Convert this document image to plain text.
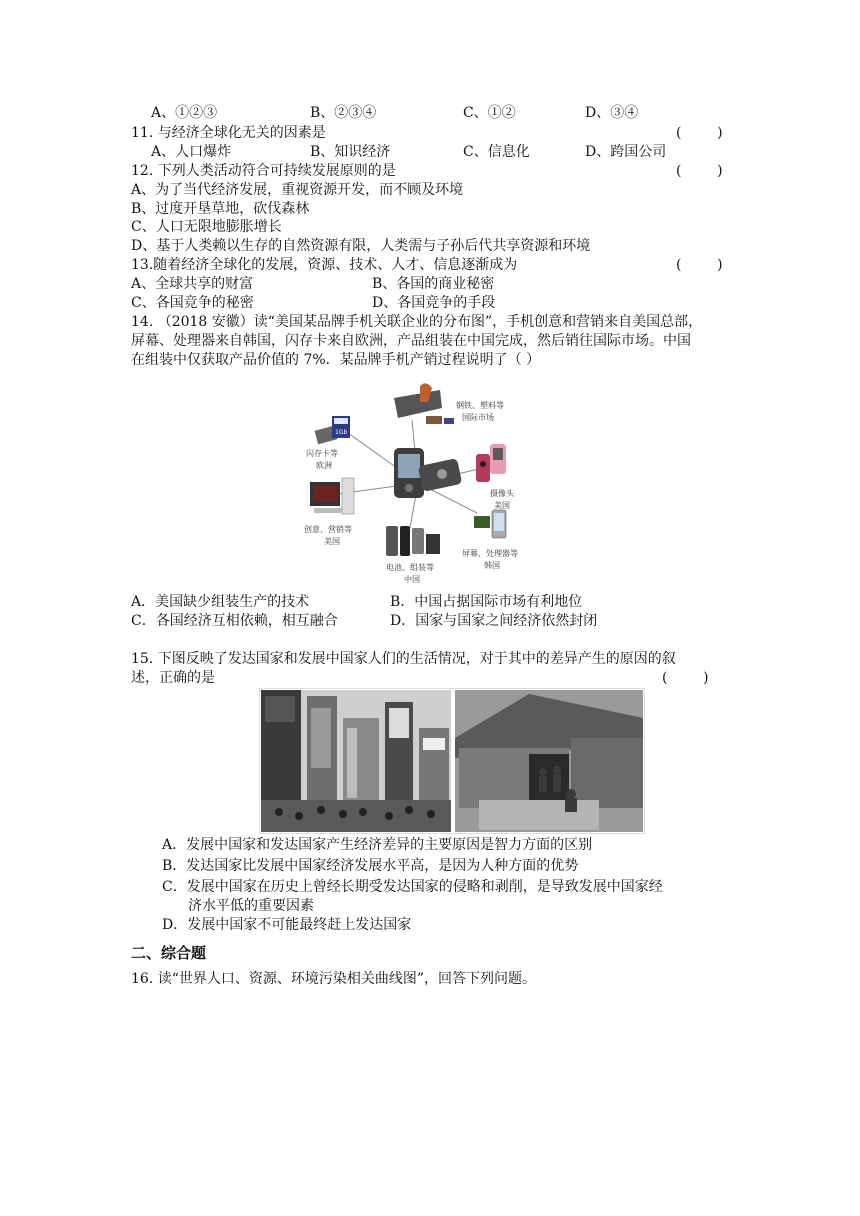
A、①②③	B、②③④	C、①②	D、③④
11. 与经济全球化无关的因素是	(        )
A、人口爆炸	B、知识经济	C、信息化	D、跨国公司
12. 下列人类活动符合可持续发展原则的是	(        )
A、为了当代经济发展，重视资源开发，而不顾及环境
B、过度开垦草地，砍伐森林
C、人口无限地膨胀增长
D、基于人类赖以生存的自然资源有限，人类需与子孙后代共享资源和环境
13.随着经济全球化的发展，资源、技术、人才、信息逐渐成为	(        )
A、全球共享的财富	B、各国的商业秘密
C、各国竞争的秘密	D、各国竞争的手段
14. （2018 安徽）读“美国某品牌手机关联企业的分布图”，手机创意和营销来自美国总部，
屏幕、处理器来自韩国，闪存卡来自欧洲，产品组装在中国完成，然后销往国际市场。中国
在组装中仅获取产品价值的 7%．某品牌手机产销过程说明了（ ）
钢铁、塑料等
国际市场
1Gb
闪存卡等
欧洲
摄像头
美国
创意、营销等
美国
屏幕、处理器等
韩国
电池、组装等
中国
A．美国缺少组装生产的技术	B．中国占据国际市场有利地位
C．各国经济互相依赖，相互融合	D．国家与国家之间经济依然封闭
15. 下图反映了发达国家和发展中国家人们的生活情况，对于其中的差异产生的原因的叙
述，正确的是	(        )
A．发展中国家和发达国家产生经济差异的主要原因是智力方面的区别
B．发达国家比发展中国家经济发展水平高，是因为人种方面的优势
C．发展中国家在历史上曾经长期受发达国家的侵略和剥削，是导致发展中国家经
济水平低的重要因素
D．发展中国家不可能最终赶上发达国家
二、综合题
16. 读“世界人口、资源、环境污染相关曲线图”，回答下列问题。
